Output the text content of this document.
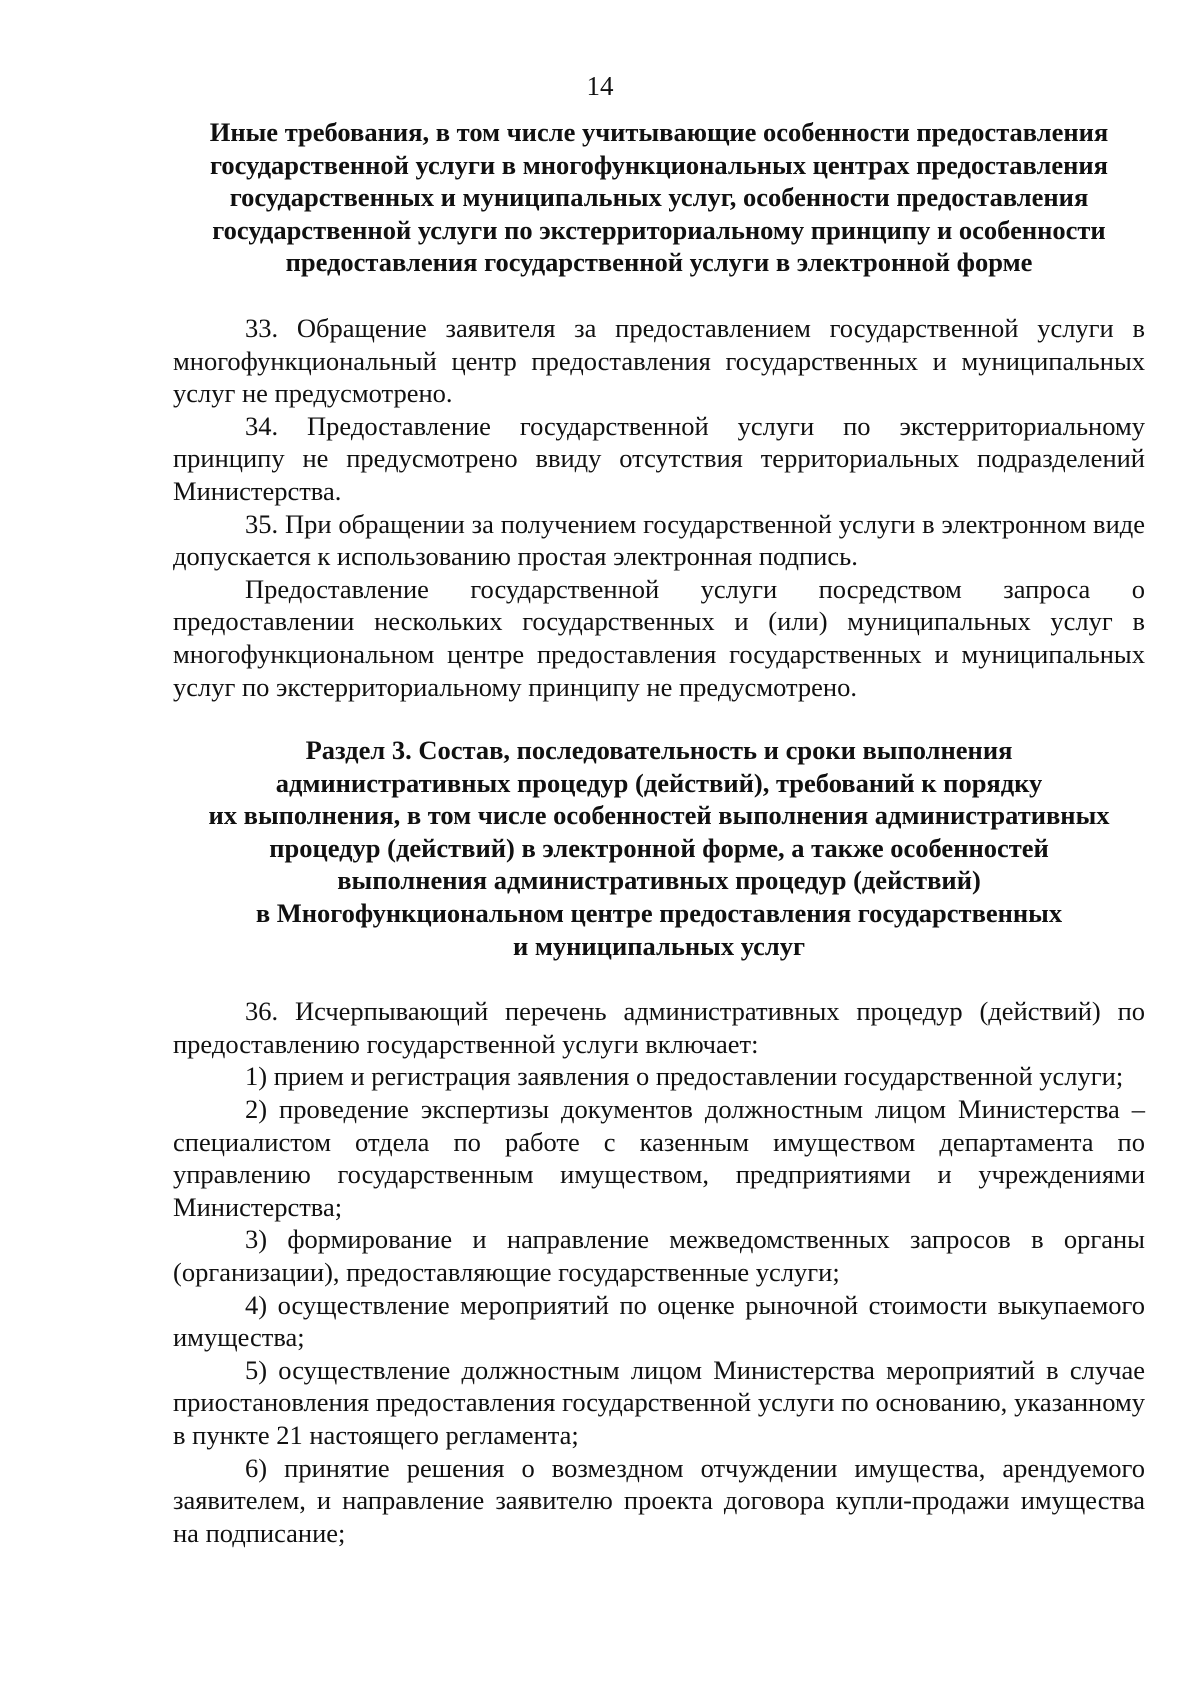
14

Иные требования, в том числе учитывающие особенности предоставления
государственной услуги в многофункциональных центрах предоставления
государственных и муниципальных услуг, особенности предоставления
государственной услуги по экстерриториальному принципу и особенности
предоставления государственной услуги в электронной форме

33. Обращение заявителя за предоставлением государственной услуги в многофункциональный центр предоставления государственных и муниципальных услуг не предусмотрено.

34. Предоставление государственной услуги по экстерриториальному принципу не предусмотрено ввиду отсутствия территориальных подразделений Министерства.

35. При обращении за получением государственной услуги в электронном виде допускается к использованию простая электронная подпись.

Предоставление государственной услуги посредством запроса о предоставлении нескольких государственных и (или) муниципальных услуг в многофункциональном центре предоставления государственных и муниципальных услуг по экстерриториальному принципу не предусмотрено.

Раздел 3. Состав, последовательность и сроки выполнения
административных процедур (действий), требований к порядку
их выполнения, в том числе особенностей выполнения административных
процедур (действий) в электронной форме, а также особенностей
выполнения административных процедур (действий)
в Многофункциональном центре предоставления государственных
и муниципальных услуг

36. Исчерпывающий перечень административных процедур (действий) по предоставлению государственной услуги включает:

1) прием и регистрация заявления о предоставлении государственной услуги;

2) проведение экспертизы документов должностным лицом Министерства – специалистом отдела по работе с казенным имуществом департамента по управлению государственным имуществом, предприятиями и учреждениями Министерства;

3) формирование и направление межведомственных запросов в органы (организации), предоставляющие государственные услуги;

4) осуществление мероприятий по оценке рыночной стоимости выкупаемого имущества;

5) осуществление должностным лицом Министерства мероприятий в случае приостановления предоставления государственной услуги по основанию, указанному в пункте 21 настоящего регламента;

6) принятие решения о возмездном отчуждении имущества, арендуемого заявителем, и направление заявителю проекта договора купли-продажи имущества на подписание;
